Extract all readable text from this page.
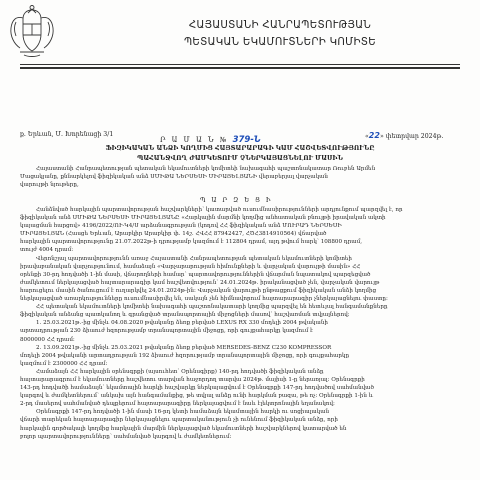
ՀԱՅԱՍՏԱՆԻ ՀԱՆՐԱՊԵՏՈՒԹՅԱՆ
ՊԵՏԱԿԱՆ ԵԿԱՄՈՒՏՆԵՐԻ ԿՈՄԻՏԵ
ք. Երևան, Մ. Խորենացի 3/1	«22» փետրվար 2024թ.
Ր Ա Մ Ա Ն № 379-Ն
ՖԻԶԻԿԱԿԱՆ ԱՆՁԻ ԿՈՂՄԻՑ ՀԱՅՏԱՐԱՐԱԳԻ ԿԱՄ ՀԱՇՎԵՏՎՈՒԹՅՈՒՆԸ
ՊԱՀԱՆՋՎՈՂ ԺԱՄԿԵՏՈՒՄ ՉՆԵՐԿԱՅԱՑՆԵԼՈՒ ՄԱՍԻՆ
Հայաստանի Հանրապետության պետական եկամուտների կոմիտեի նախագահի պաշտոնակատար Ռուբեն Արմեն
Մացակյանը, քննարկելով ֆիզիկական անձ ՍՄԻԹԱ ՆԵՐՍԵՍԻ ՄԻՐԱՅԵԼՅԱՆԻ վերաբերյալ վարչական
վարույթի նյութերը,
Պ Ա Ր Զ Ե Ց Ի
Հանձնված հարկային պարտավորության հաշվարկների՝ կատարված ուսումնասիրությունների արդյունքում պարզվել է, որ
ֆիզիկական անձ ՍՄԻԹԱ ՆԵՐՍԵՍԻ ՄԻՐԱՅԵԼՅԱՆԸ «Հարկային մարմնի կողմից անհատական բնույթի իրավական ակտի
կայացման հարցով» 4196/2022/ՈՒ-Կ4/Ս արձանագրության (կոդով ՀՀ ֆիզիկական անձ ՄՈՒՐԱԴ ՆԵՐՍԵՍԻ
ՄԻՐԱՅԵԼՅԱՆ (Հասցե Երևան, Արաբկիր Արաբկիր փ. 14շ. ՀՎՀՀ 87942427, ՀԾՀ3814910564) վճարված
հարկային պարտավորությունը 21.07.2022թ-ի դրությամբ կազմում է 112804 դրամ, այդ թվում հարկ՝ 108800 դրամ,
տույժ 4004 դրամ:
Վերոնշյալ պարտավորությունն առաջ Հայաստանի Հանրապետության պետական եկամուտների կոմիտեի
իրավաբանական վարչությունում, համաձայն «Վարչարարության հիմունքների և վարչական վարույթի մասին» ՀՀ
օրենքի 30-րդ հոդվածի 1-ին մասի, վճարողների համար՝ պարտավորություններին վճարման նպատակով պարզեցված
ժամկետում ներկայացված հայտարարագիր կամ հաշվետվություն՝ 24.01.2024թ. իրականացված չեն, վարչական վարույթ
հարուցելու մասին ծանուցում է ուղարկվել 24.01.2024թ-ին: Վարչական վարույթի ընթացքում ֆիզիկական անձի կողմից
ներկայացված առարկությունները ուսումնասիրվել են, սակայն չեն հիմնավորում հայտարարագիր չներկայացնելու փաստը:
ՀՀ պետական եկամուտների կոմիտեի նախագահի պաշտոնակատարի կողմից պարզվել են հետևյալ հանգամանքները
ֆիզիկական անձանց պատկանող և գրանցված տրանսպորտային միջոցների մասով՝ հաշվառման տվյալներով:
1. 25.03.2021թ.-ից մինչև 04.08.2020 թվականը ձեռք բերված LEXUS RX 330 մոդելի 2004 թվականի
արտադրության 230 ձիաուժ հզորությամբ տրանսպորտային միջոցը, որի գույքահարկը կազմում է
8000000 ՀՀ դրամ:
2. 13.09.2021թ.-ից մինչև 25.03.2021 թվականը ձեռք բերված MERSEDES-BENZ C230 KOMPRESSOR
մոդելի 2004 թվականի արտադրության 192 ձիաուժ հզորությամբ տրանսպորտային միջոցը, որի գույքահարկը
կազմում է 2300000 ՀՀ դրամ:
Համաձայն ՀՀ հարկային օրենսգրքի (այսուհետ՝ Օրենսգիրք) 140-րդ հոդվածի ֆիզիկական անձը
հայտարարագրում է եկամուտները հաշվետու տարվան հաջորդող տարվա 2024թ. մայիսի 1-ը ներառյալ: Օրենսգրքի
143-րդ հոդվածի համաձայն՝ եկամտային հարկի հաշվարկը ներկայացվում է Օրենսգրքի 147-րդ հոդվածով սահմանված
կարգով և ժամկետներում՝ անկախ այն հանգամանքից, թե տվյալ անձը ունի հարկման բազա, թե ոչ: Օրենսգրքի 1-ին և
2-րդ մասերով սահմանված դեպքերում հայտարարագիրը ներկայացվում է նաև էլեկտրոնային եղանակով:
Օրենսգրքի 147-րդ հոդվածի 1-ին մասի 16-րդ կետի համաձայն եկամտային հարկի ու սոցիալական
վճարի տարեկան հայտարարագիր ներկայացնելու պարտականություն չի ունենում ֆիզիկական անձը, որի
հարկային գործակալի կողմից հարկային մարմին ներկայացված եկամուտների հաշվարկներով կատարված են
բոլոր պարտավորությունները՝ սահմանված կարգով և ժամկետներում:
